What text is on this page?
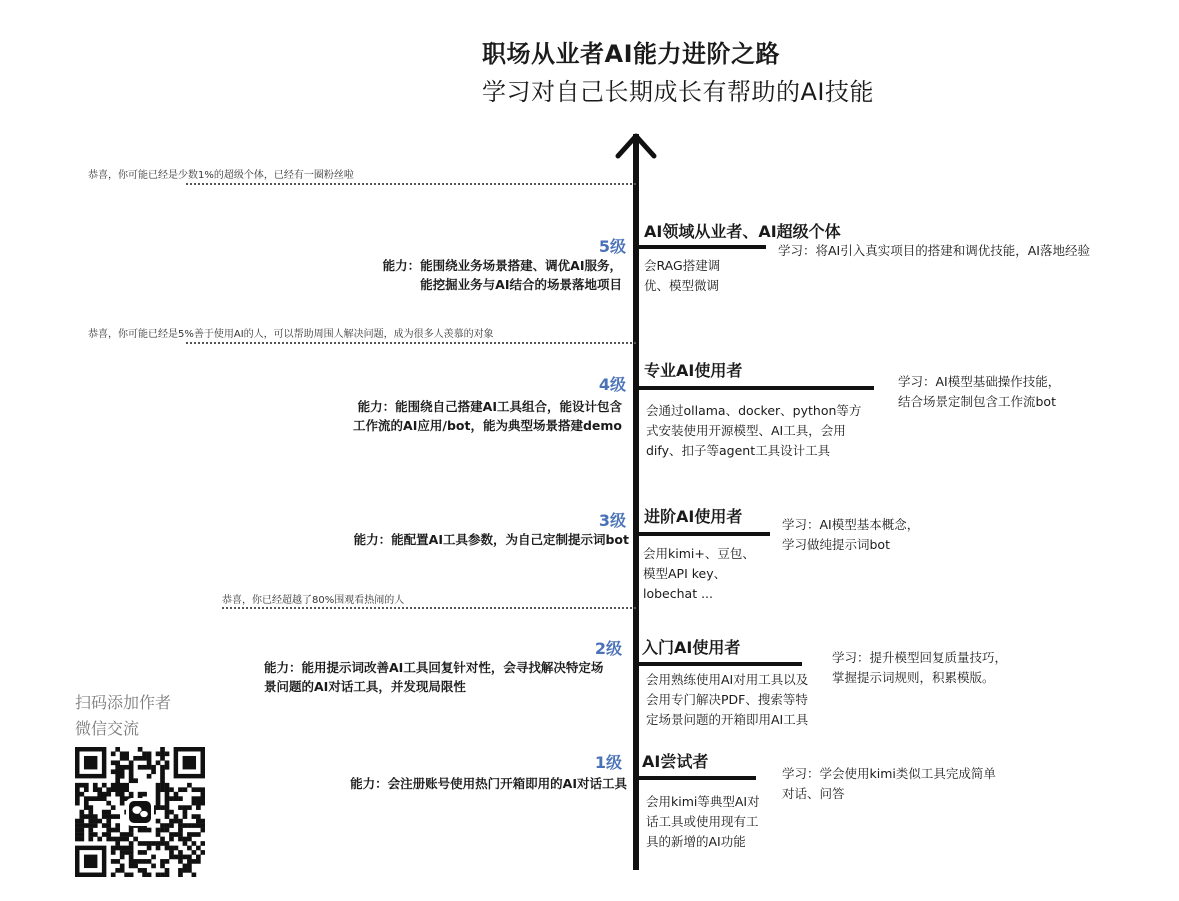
职场从业者AI能力进阶之路
学习对自己长期成长有帮助的AI技能
恭喜，你可能已经是少数1%的超级个体，已经有一圈粉丝啦
恭喜，你可能已经是5%善于使用AI的人，可以帮助周围人解决问题，成为很多人羡慕的对象
恭喜，你已经超越了80%围观看热闹的人
5级
AI领域从业者、AI超级个体
能力：能围绕业务场景搭建、调优AI服务，
能挖掘业务与AI结合的场景落地项目
会RAG搭建调
优、模型微调
学习：将AI引入真实项目的搭建和调优技能，AI落地经验
4级
专业AI使用者
能力：能围绕自己搭建AI工具组合，能设计包含
工作流的AI应用/bot，能为典型场景搭建demo
会通过ollama、docker、python等方
式安装使用开源模型、AI工具，会用
dify、扣子等agent工具设计工具
学习：AI模型基础操作技能，
结合场景定制包含工作流bot
3级 进阶AI使用者
能力：能配置AI工具参数，为自己定制提示词bot
会用kimi+、豆包、
模型API key、
lobechat ...
学习：AI模型基本概念，
学习做纯提示词bot
2级 入门AI使用者
能力：能用提示词改善AI工具回复针对性，会寻找解决特定场
景问题的AI对话工具，并发现局限性	会用熟练使用AI对用工具以及
会用专门解决PDF、搜索等特
定场景问题的开箱即用AI工具
学习：提升模型回复质量技巧，
掌握提示词规则，积累模版。
1级 AI尝试者
能力：会注册账号使用热门开箱即用的AI对话工具
会用kimi等典型AI对
话工具或使用现有工
具的新增的AI功能
学习：学会使用kimi类似工具完成简单
对话、问答
扫码添加作者
微信交流
